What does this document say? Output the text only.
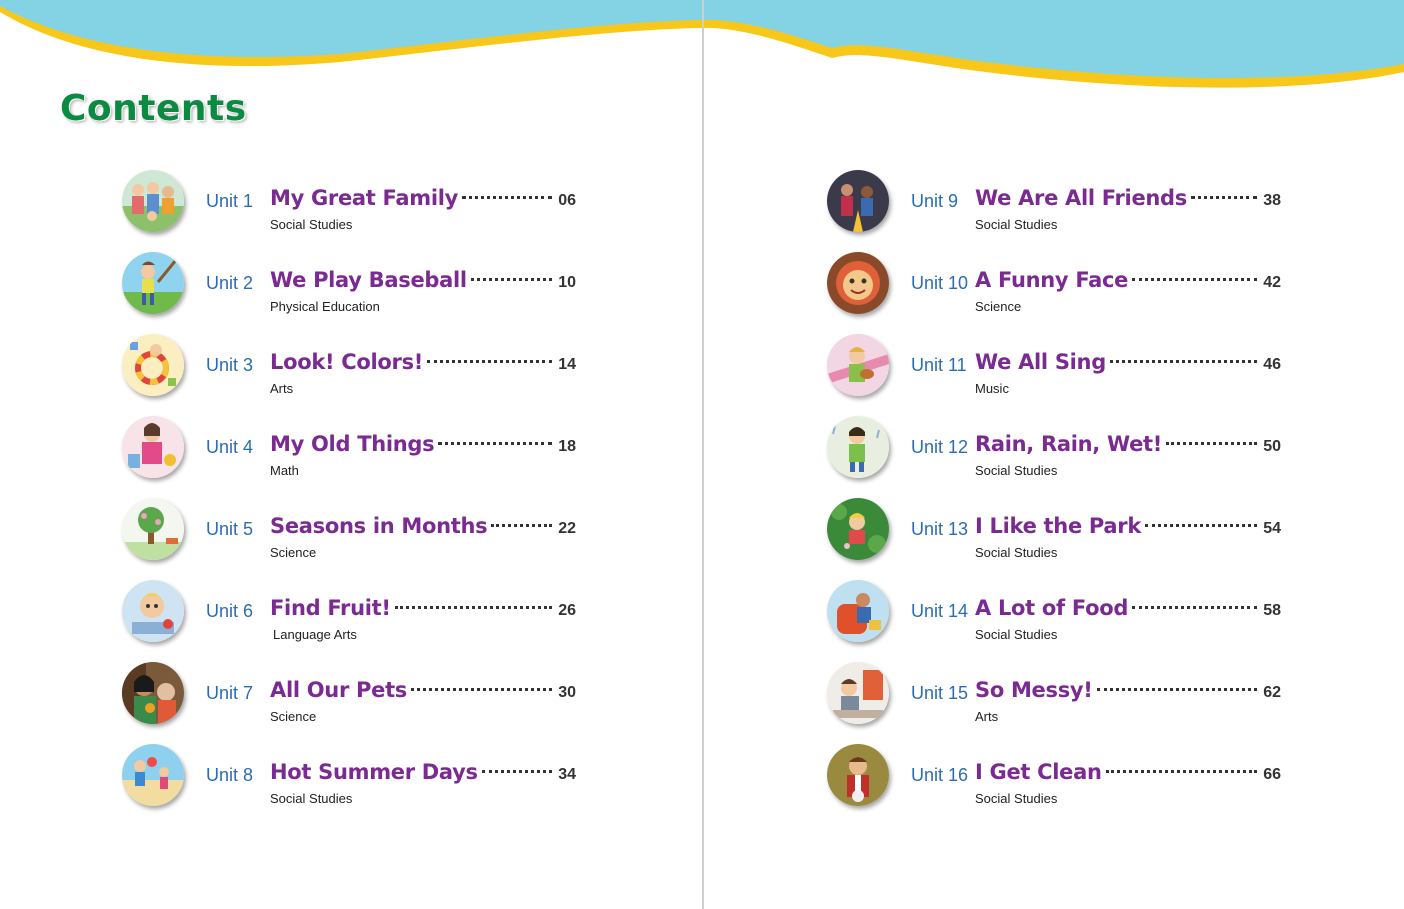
Contents
Unit 1 My Great Family	06
Social Studies
Unit 2 We Play Baseball	10
Physical Education
Unit 3 Look! Colors!	14
Arts
Unit 4 My Old Things	18
Math
Unit 5 Seasons in Months	22
Science
Unit 6 Find Fruit!	26
Language Arts
Unit 7 All Our Pets	30
Science
Unit 8 Hot Summer Days	34
Social Studies
Unit 9 We Are All Friends	38
Social Studies
Unit 10 A Funny Face	42
Science
Unit 11 We All Sing	46
Music
Unit 12 Rain, Rain, Wet!	50
Social Studies
Unit 13 I Like the Park	54
Social Studies
Unit 14 A Lot of Food	58
Social Studies
Unit 15 So Messy!	62
Arts
Unit 16 I Get Clean	66
Social Studies
